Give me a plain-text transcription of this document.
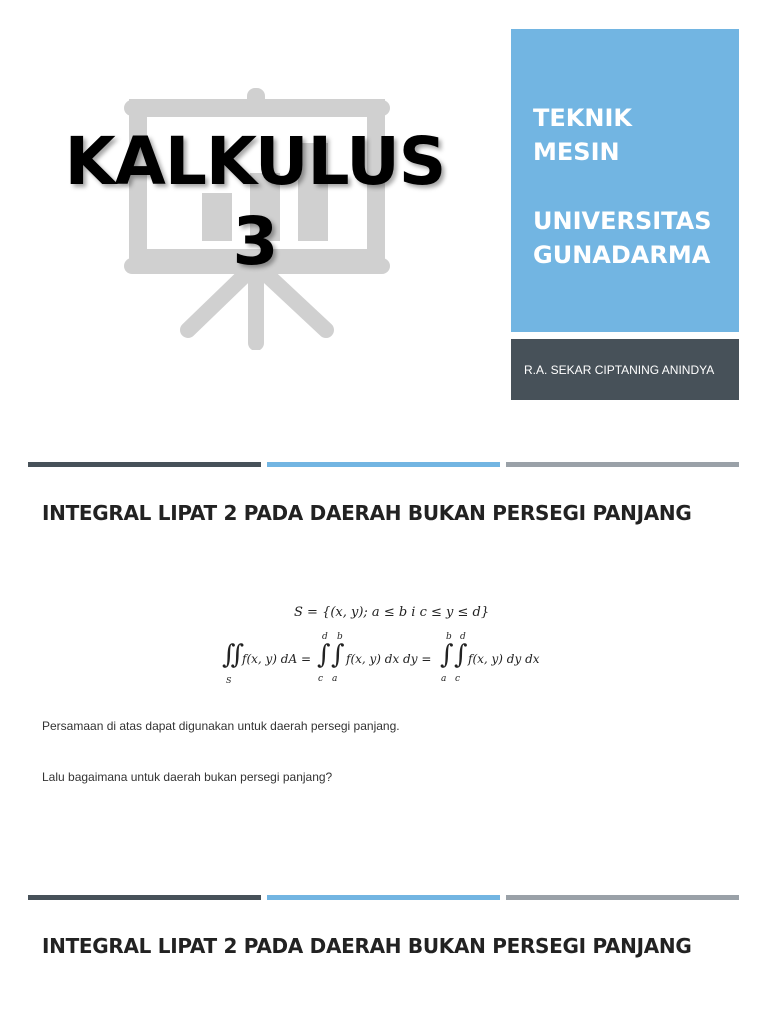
KALKULUS
3
TEKNIK
MESIN
UNIVERSITAS
GUNADARMA
R.A. SEKAR CIPTANING ANINDYA
INTEGRAL LIPAT 2 PADA DAERAH BUKAN PERSEGI PANJANG
S = {(x, y); a ≤ b i c ≤ y ≤ d}
∬
S
f(x, y) dA =
d b
∫ ∫
c a
f(x, y) dx dy =
b d
∫ ∫
a c
f(x, y) dy dx
Persamaan di atas dapat digunakan untuk daerah persegi panjang.
Lalu bagaimana untuk daerah bukan persegi panjang?
INTEGRAL LIPAT 2 PADA DAERAH BUKAN PERSEGI PANJANG
